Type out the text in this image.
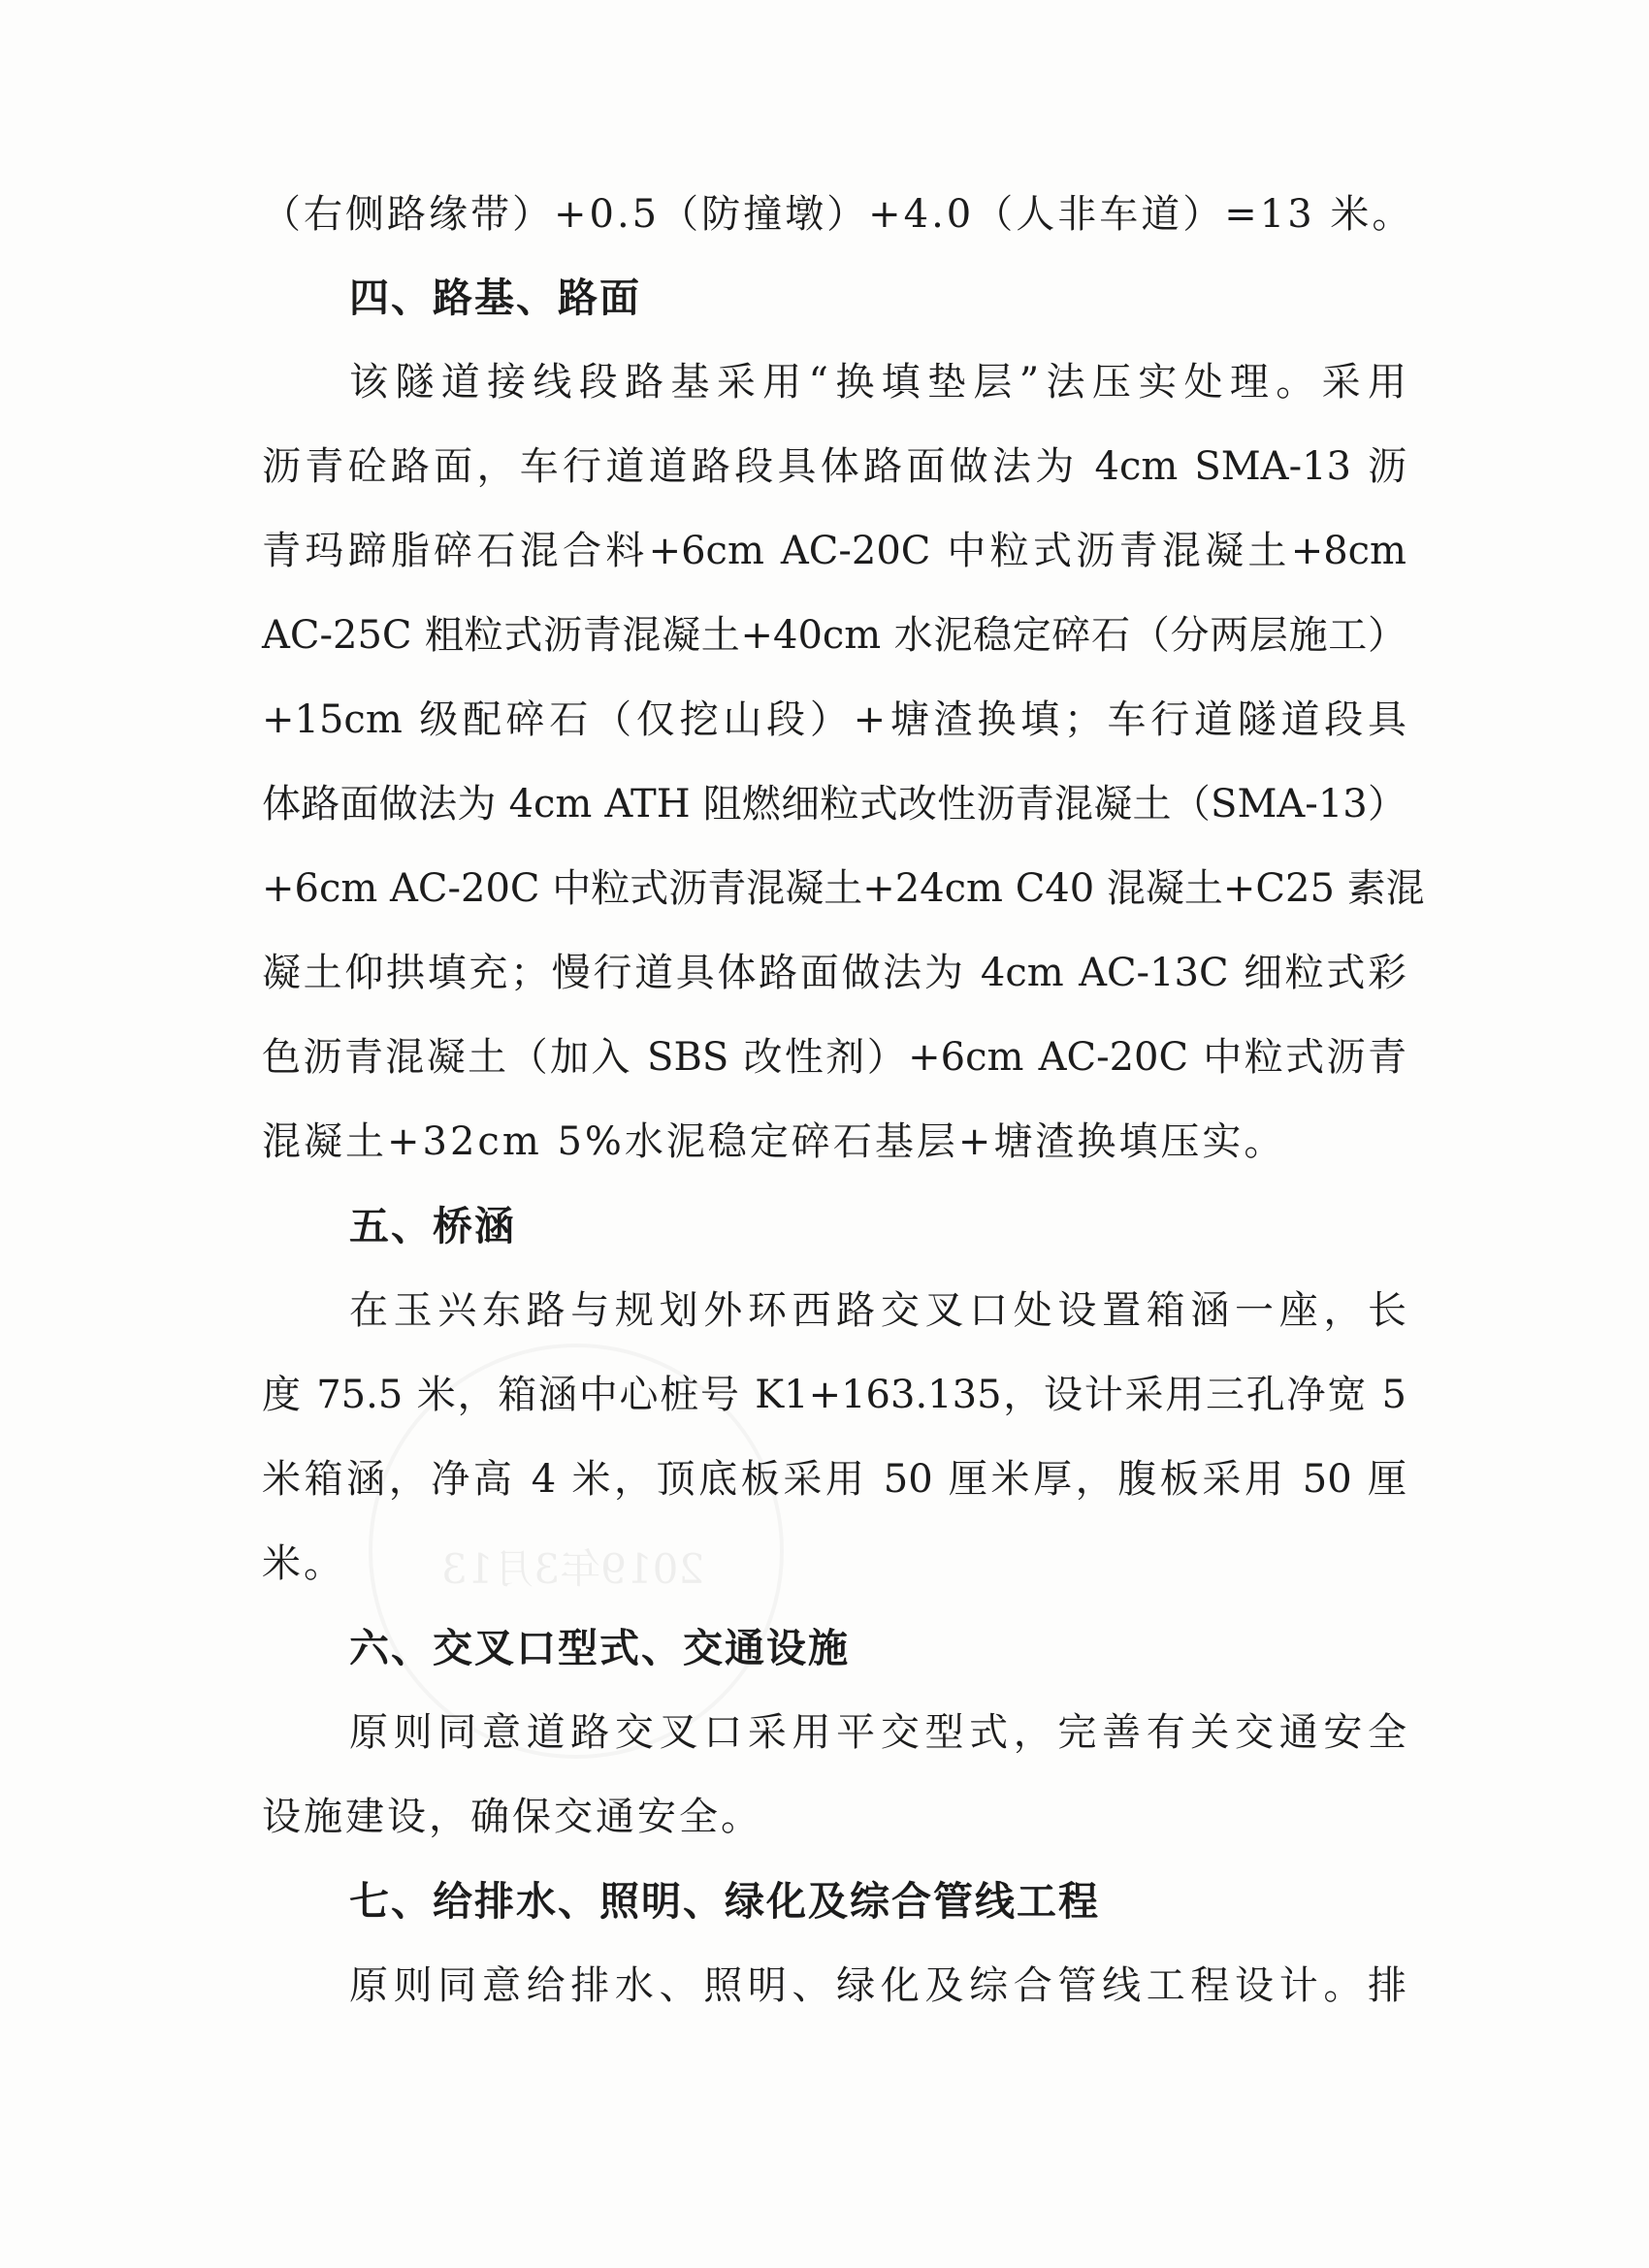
2019年3月13
（右侧路缘带）+0.5（防撞墩）+4.0（人非车道）=13 米。
四、路基、路面
该隧道接线段路基采用“换填垫层”法压实处理。采用
沥青砼路面，车行道道路段具体路面做法为 4cm SMA-13 沥
青玛蹄脂碎石混合料+6cm AC-20C 中粒式沥青混凝土+8cm
AC-25C 粗粒式沥青混凝土+40cm 水泥稳定碎石（分两层施工）
+15cm 级配碎石（仅挖山段）+塘渣换填；车行道隧道段具
体路面做法为 4cm ATH 阻燃细粒式改性沥青混凝土（SMA-13）
+6cm AC-20C 中粒式沥青混凝土+24cm C40 混凝土+C25 素混
凝土仰拱填充；慢行道具体路面做法为 4cm AC-13C 细粒式彩
色沥青混凝土（加入 SBS 改性剂）+6cm AC-20C 中粒式沥青
混凝土+32cm 5%水泥稳定碎石基层+塘渣换填压实。
五、桥涵
在玉兴东路与规划外环西路交叉口处设置箱涵一座，长
度 75.5 米，箱涵中心桩号 K1+163.135，设计采用三孔净宽 5
米箱涵，净高 4 米，顶底板采用 50 厘米厚，腹板采用 50 厘
米。
六、交叉口型式、交通设施
原则同意道路交叉口采用平交型式，完善有关交通安全
设施建设，确保交通安全。
七、给排水、照明、绿化及综合管线工程
原则同意给排水、照明、绿化及综合管线工程设计。排
